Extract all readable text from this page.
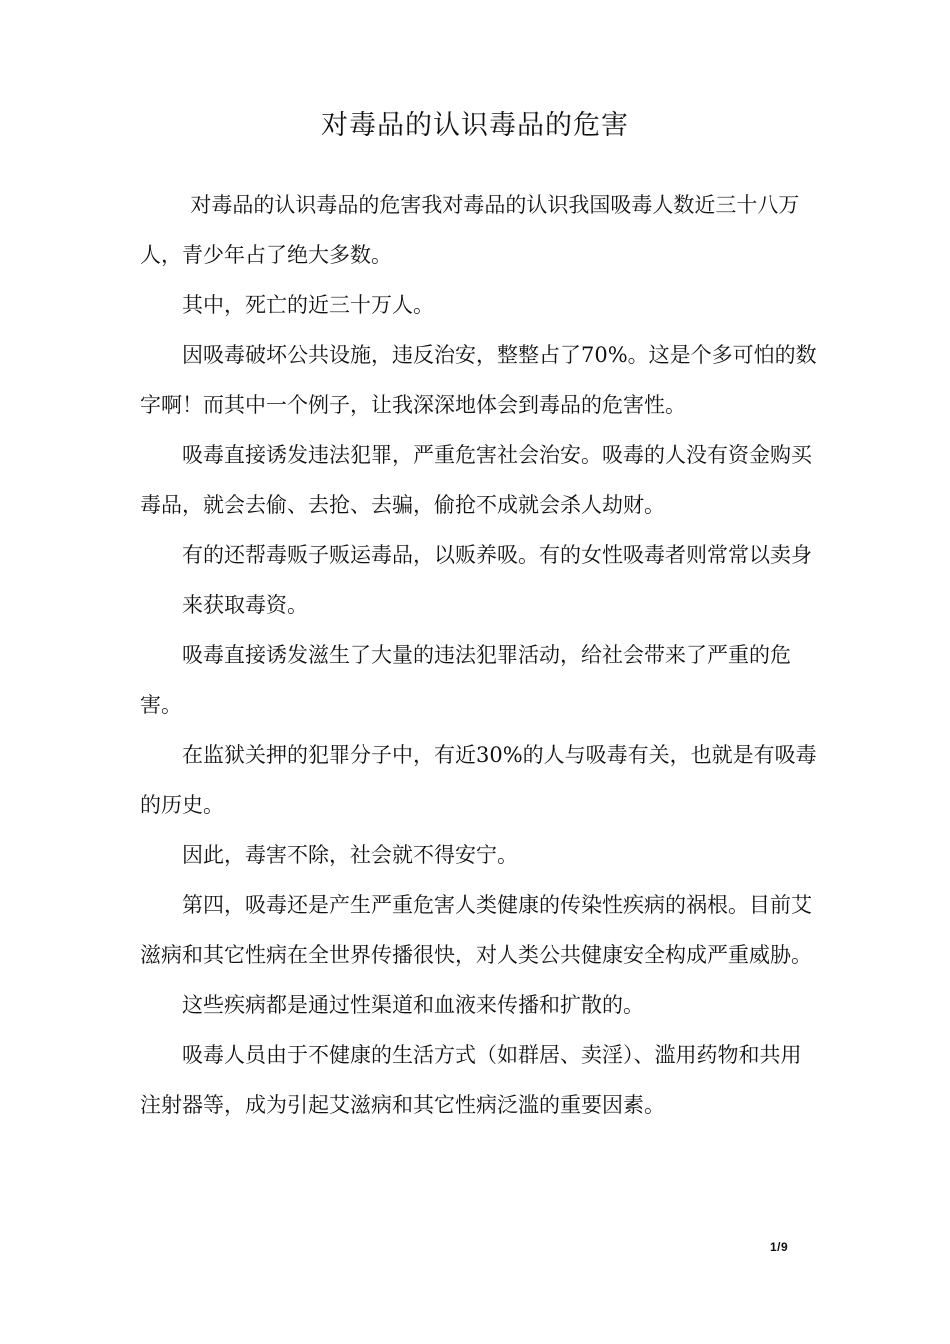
对毒品的认识毒品的危害

对毒品的认识毒品的危害我对毒品的认识我国吸毒人数近三十八万人，青少年占了绝大多数。

其中，死亡的近三十万人。

因吸毒破坏公共设施，违反治安，整整占了70%。这是个多可怕的数字啊！而其中一个例子，让我深深地体会到毒品的危害性。

吸毒直接诱发违法犯罪，严重危害社会治安。吸毒的人没有资金购买毒品，就会去偷、去抢、去骗，偷抢不成就会杀人劫财。

有的还帮毒贩子贩运毒品，以贩养吸。有的女性吸毒者则常常以卖身来获取毒资。

吸毒直接诱发滋生了大量的违法犯罪活动，给社会带来了严重的危害。

在监狱关押的犯罪分子中，有近30%的人与吸毒有关，也就是有吸毒的历史。

因此，毒害不除，社会就不得安宁。

第四，吸毒还是产生严重危害人类健康的传染性疾病的祸根。目前艾滋病和其它性病在全世界传播很快，对人类公共健康安全构成严重威胁。

这些疾病都是通过性渠道和血液来传播和扩散的。

吸毒人员由于不健康的生活方式（如群居、卖淫）、滥用药物和共用注射器等，成为引起艾滋病和其它性病泛滥的重要因素。

1/9
